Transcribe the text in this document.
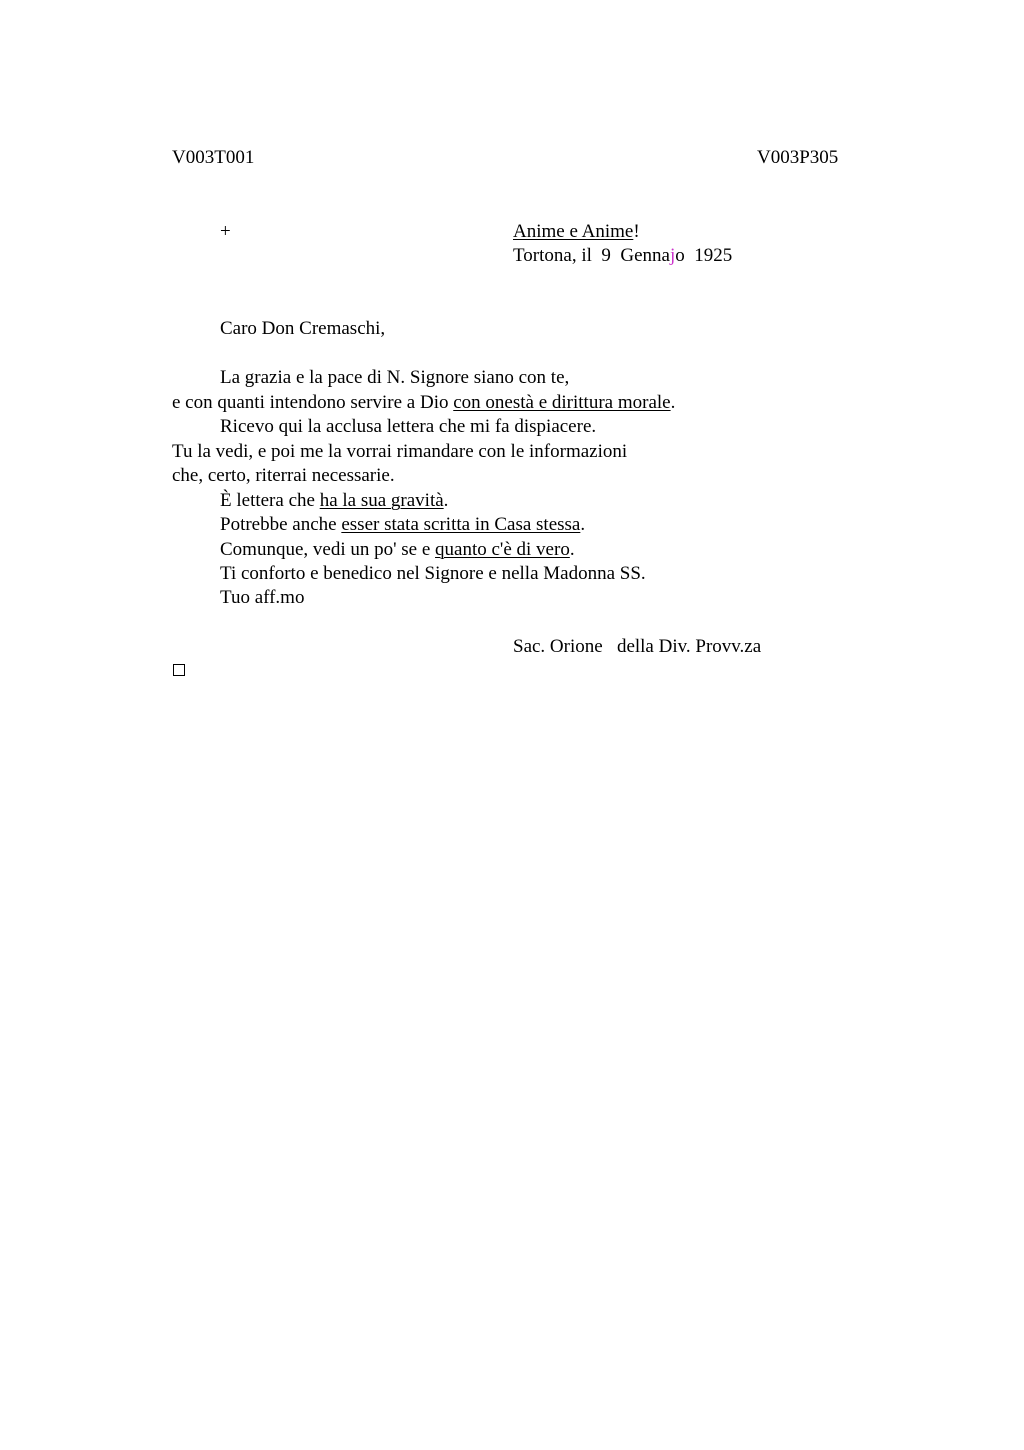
V003T001	V003P305
+	Anime e Anime!
Tortona, il  9  Gennajo  1925
Caro Don Cremaschi,
La grazia e la pace di N. Signore siano con te,
e con quanti intendono servire a Dio con onestà e dirittura morale.
Ricevo qui la acclusa lettera che mi fa dispiacere.
Tu la vedi, e poi me la vorrai rimandare con le informazioni
che, certo, riterrai necessarie.
È lettera che ha la sua gravità.
Potrebbe anche esser stata scritta in Casa stessa.
Comunque, vedi un po' se e quanto c'è di vero.
Ti conforto e benedico nel Signore e nella Madonna SS.
Tuo aff.mo
Sac. Orione   della Div. Provv.za
